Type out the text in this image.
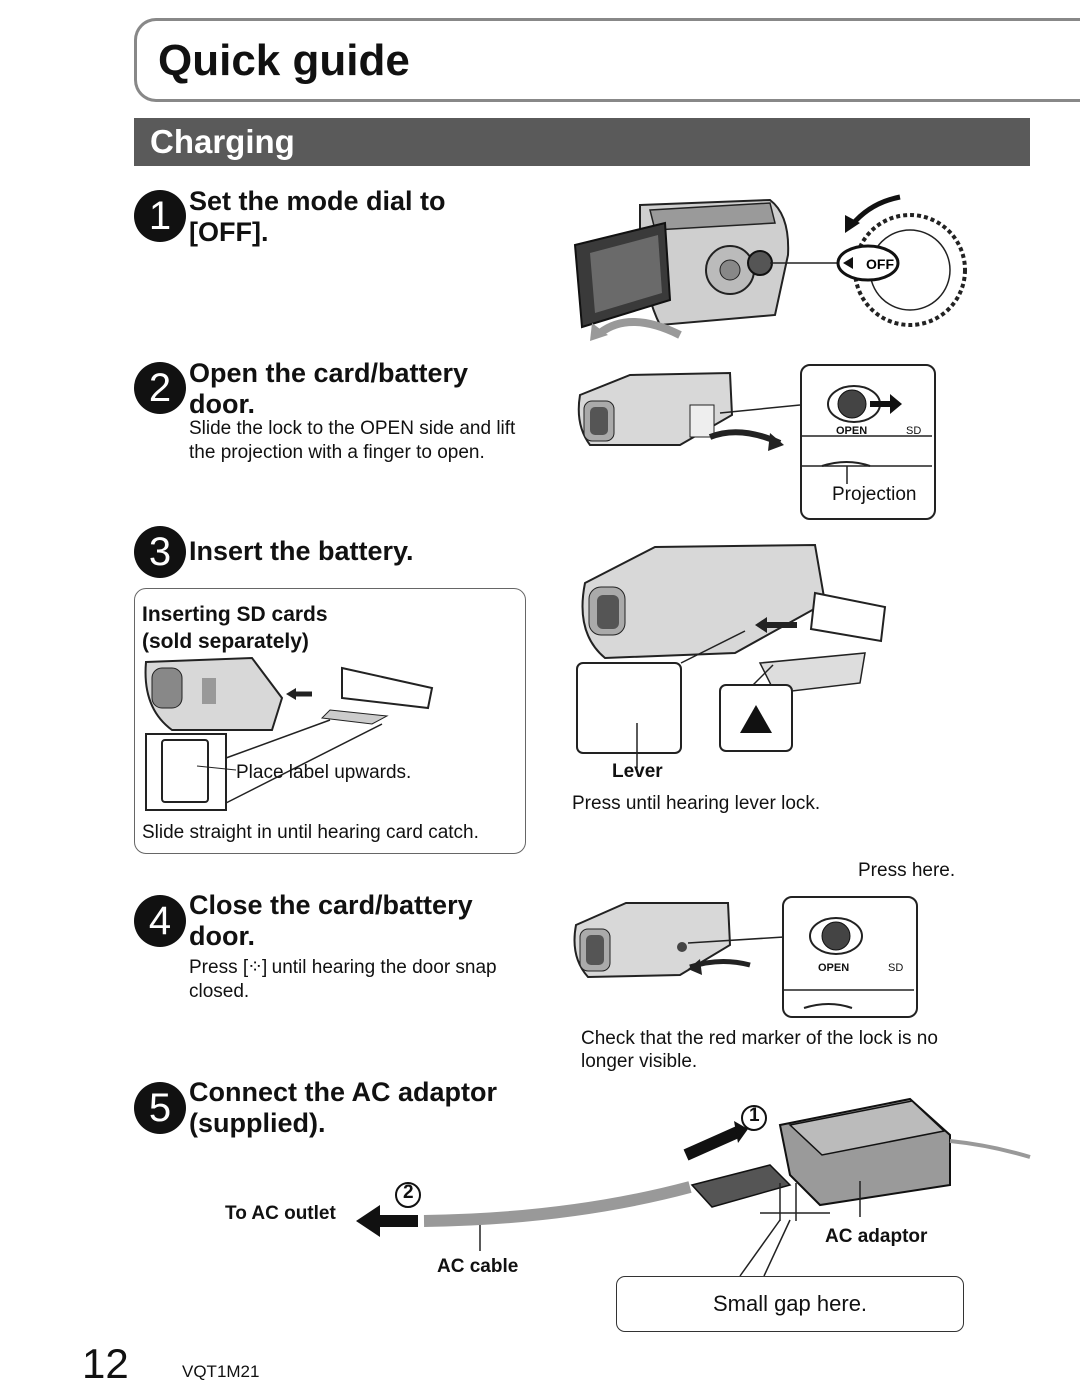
Quick guide
Charging
1 Set the mode dial to [OFF].
OFF
2 Open the card/battery door.
Slide the lock to the OPEN side and lift the projection with a finger to open.
OPEN	SD
Projection
3 Insert the battery.
Inserting SD cards
(sold separately)
Place label upwards.
Slide straight in until hearing card catch.
Lever
Press until hearing lever lock.
4 Close the card/battery door.
Press [⁘] until hearing the door snap closed.
Press here.
OPEN	SD
Check that the red marker of the lock is no longer visible.
5 Connect the AC adaptor (supplied).	1
2
To AC outlet
AC cable
AC adaptor
Small gap here.
12	VQT1M21
